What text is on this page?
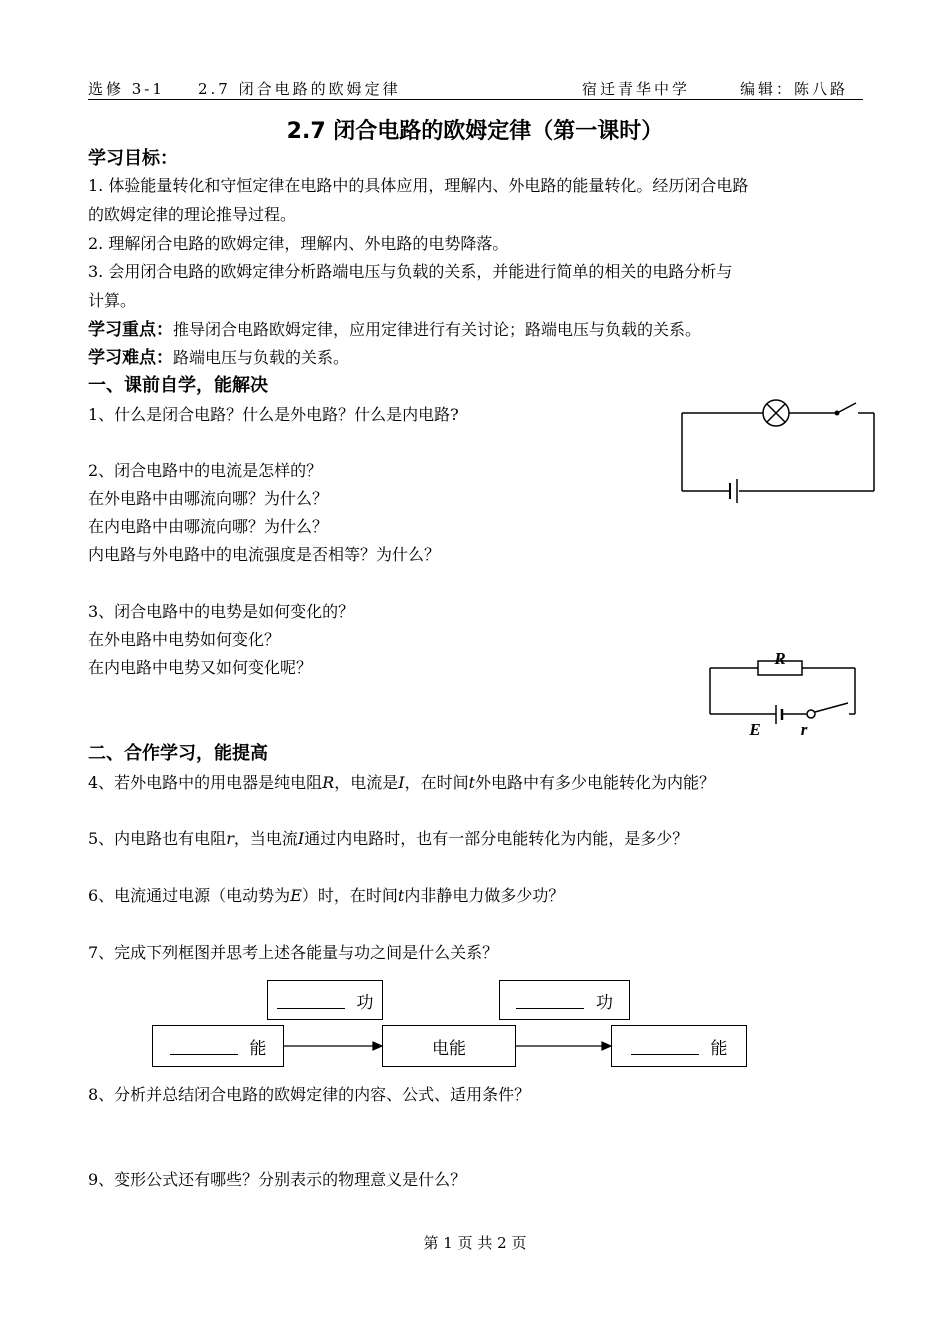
选修 3-1 2.7 闭合电路的欧姆定律	宿迁青华中学	编辑：陈八路
2.7 闭合电路的欧姆定律（第一课时）
学习目标：
1. 体验能量转化和守恒定律在电路中的具体应用，理解内、外电路的能量转化。经历闭合电路
的欧姆定律的理论推导过程。
2. 理解闭合电路的欧姆定律，理解内、外电路的电势降落。
3. 会用闭合电路的欧姆定律分析路端电压与负载的关系，并能进行简单的相关的电路分析与
计算。
学习重点：推导闭合电路欧姆定律，应用定律进行有关讨论；路端电压与负载的关系。
学习难点：路端电压与负载的关系。
一、课前自学，能解决
1、什么是闭合电路？什么是外电路？什么是内电路?
2、闭合电路中的电流是怎样的？
在外电路中由哪流向哪？为什么？
在内电路中由哪流向哪？为什么？
内电路与外电路中的电流强度是否相等？为什么？
3、闭合电路中的电势是如何变化的？
在外电路中电势如何变化？
在内电路中电势又如何变化呢？	R
E r
二、合作学习，能提高
4、若外电路中的用电器是纯电阻R，电流是I，在时间t外电路中有多少电能转化为内能？
5、内电路也有电阻r，当电流I通过内电路时，也有一部分电能转化为内能，是多少？
6、电流通过电源（电动势为E）时，在时间t内非静电力做多少功？
7、完成下列框图并思考上述各能量与功之间是什么关系？
功	功
能	电能	能
8、分析并总结闭合电路的欧姆定律的内容、公式、适用条件？
9、变形公式还有哪些？分别表示的物理意义是什么？
第 1 页 共 2 页
